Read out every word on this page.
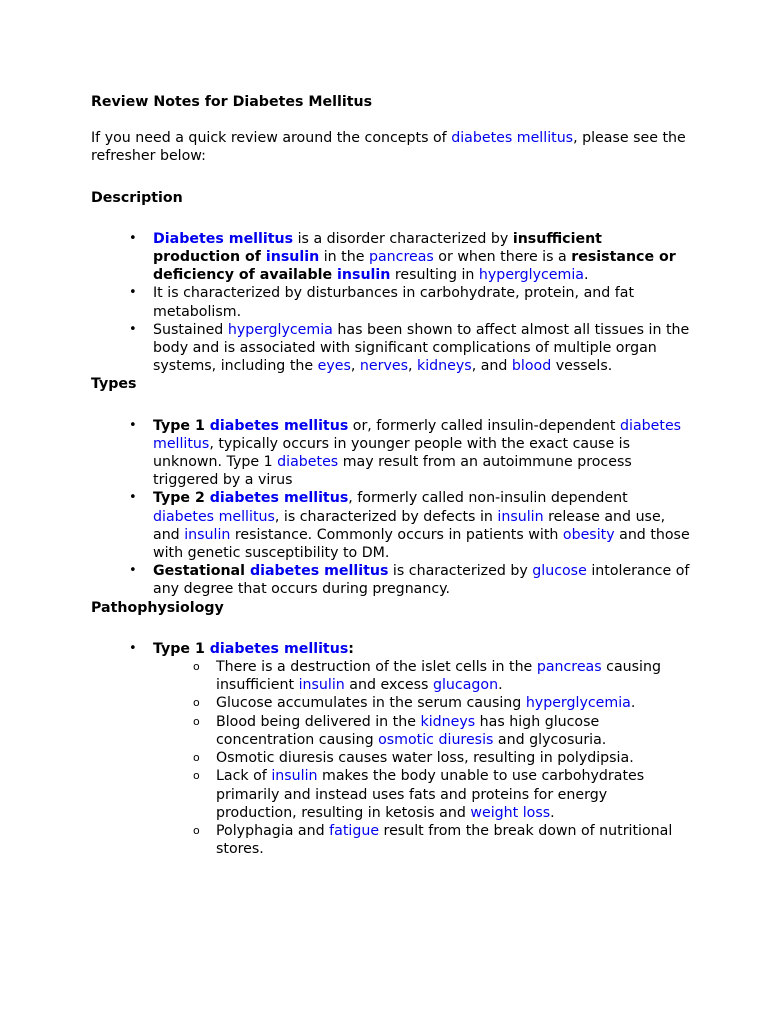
Review Notes for Diabetes Mellitus

If you need a quick review around the concepts of diabetes mellitus, please see the refresher below:

Description
• Diabetes mellitus is a disorder characterized by insufficient production of insulin in the pancreas or when there is a resistance or deficiency of available insulin resulting in hyperglycemia.
• It is characterized by disturbances in carbohydrate, protein, and fat metabolism.
• Sustained hyperglycemia has been shown to affect almost all tissues in the body and is associated with significant complications of multiple organ systems, including the eyes, nerves, kidneys, and blood vessels.
Types
• Type 1 diabetes mellitus or, formerly called insulin-dependent diabetes mellitus, typically occurs in younger people with the exact cause is unknown. Type 1 diabetes may result from an autoimmune process triggered by a virus
• Type 2 diabetes mellitus, formerly called non-insulin dependent diabetes mellitus, is characterized by defects in insulin release and use, and insulin resistance. Commonly occurs in patients with obesity and those with genetic susceptibility to DM.
• Gestational diabetes mellitus is characterized by glucose intolerance of any degree that occurs during pregnancy.
Pathophysiology
• Type 1 diabetes mellitus:
o There is a destruction of the islet cells in the pancreas causing insufficient insulin and excess glucagon.
o Glucose accumulates in the serum causing hyperglycemia.
o Blood being delivered in the kidneys has high glucose concentration causing osmotic diuresis and glycosuria.
o Osmotic diuresis causes water loss, resulting in polydipsia.
o Lack of insulin makes the body unable to use carbohydrates primarily and instead uses fats and proteins for energy production, resulting in ketosis and weight loss.
o Polyphagia and fatigue result from the break down of nutritional stores.
